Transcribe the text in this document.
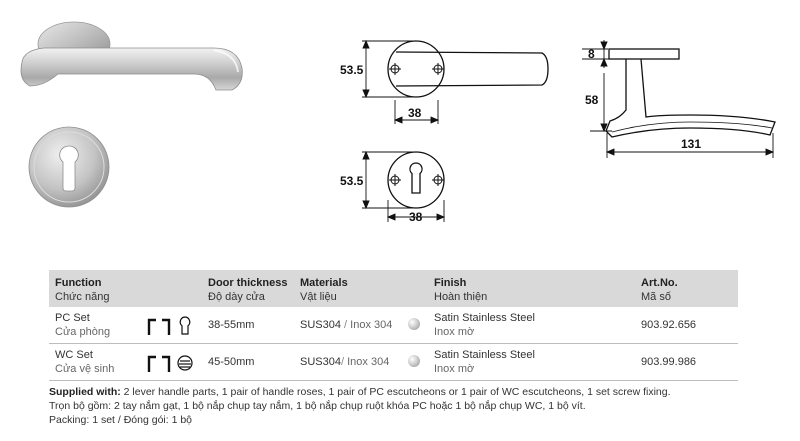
53.5
38
53.5
38
8
58
131
Function
Chức năng
Door thickness
Độ dày cửa
Materials
Vật liệu
Finish
Hoàn thiện
Art.No.
Mã số
PC Set
Cửa phòng
38-55mm	SUS304 / Inox 304
Satin Stainless Steel
Inox mờ
903.92.656
WC Set
Cửa vệ sinh
45-50mm	SUS304/ Inox 304
Satin Stainless Steel
Inox mờ
903.99.986
Supplied with: 2 lever handle parts, 1 pair of handle roses, 1 pair of PC escutcheons or 1 pair of WC escutcheons, 1 set screw fixing.
Trọn bộ gồm: 2 tay nắm gạt, 1 bộ nắp chụp tay nắm, 1 bộ nắp chụp ruột khóa PC hoặc 1 bộ nắp chụp WC, 1 bộ vít.
Packing: 1 set / Đóng gói: 1 bộ
